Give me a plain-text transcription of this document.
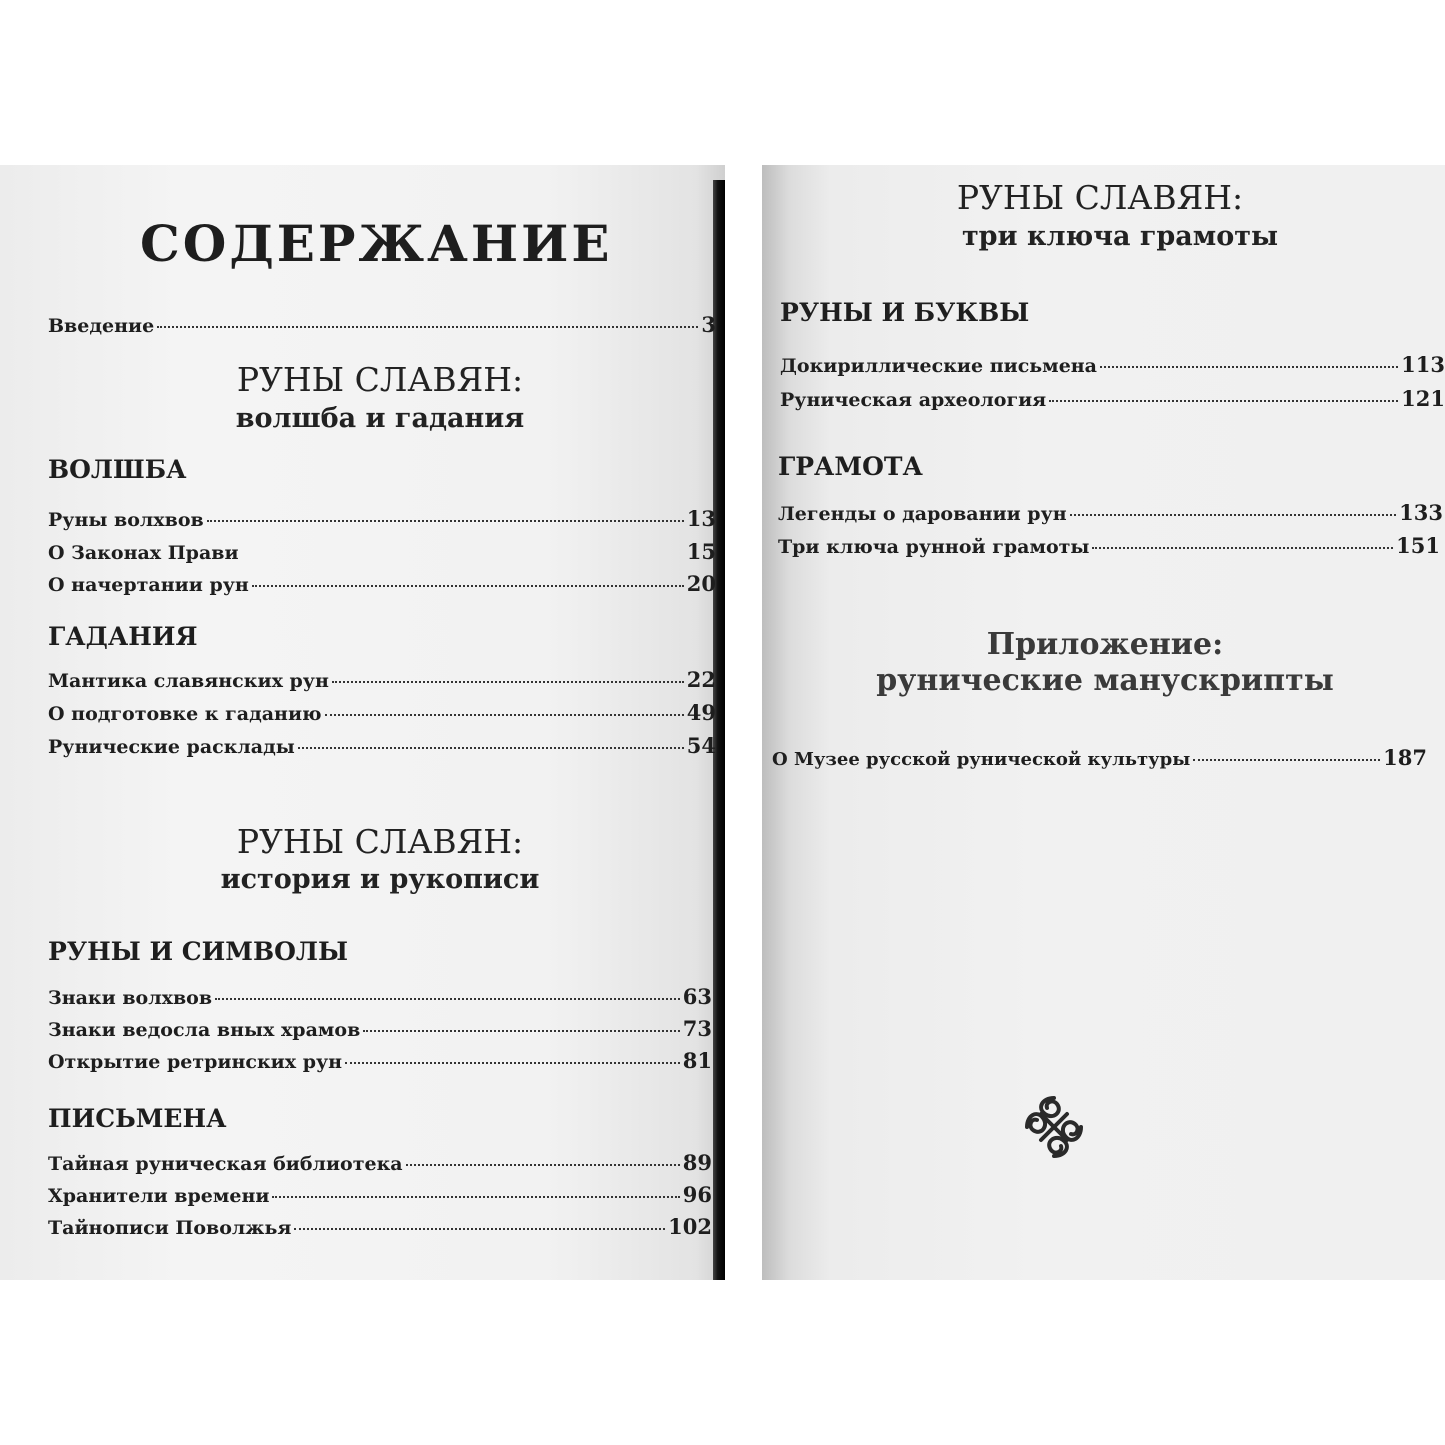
СОДЕРЖАНИЕ
Введение	3
РУНЫ СЛАВЯН:
волшба и гадания
ВОЛШБА
Руны волхвов	13
О Законах Прави	15
О начертании рун	20
ГАДАНИЯ
Мантика славянских рун	22
О подготовке к гаданию	49
Рунические расклады	54
РУНЫ СЛАВЯН:
история и рукописи
РУНЫ И СИМВОЛЫ
Знаки волхвов	63
Знаки ведосла вных храмов	73
Открытие ретринских рун	81
ПИСЬМЕНА
Тайная руническая библиотека	89
Хранители времени	96
Тайнописи Поволжья	102
РУНЫ СЛАВЯН:
три ключа грамоты
РУНЫ И БУКВЫ
Докириллические письмена	113
Руническая археология	121
ГРАМОТА
Легенды о даровании рун	133
Три ключа рунной грамоты	151
Приложение:
рунические манускрипты
О Музее русской рунической культуры	187
